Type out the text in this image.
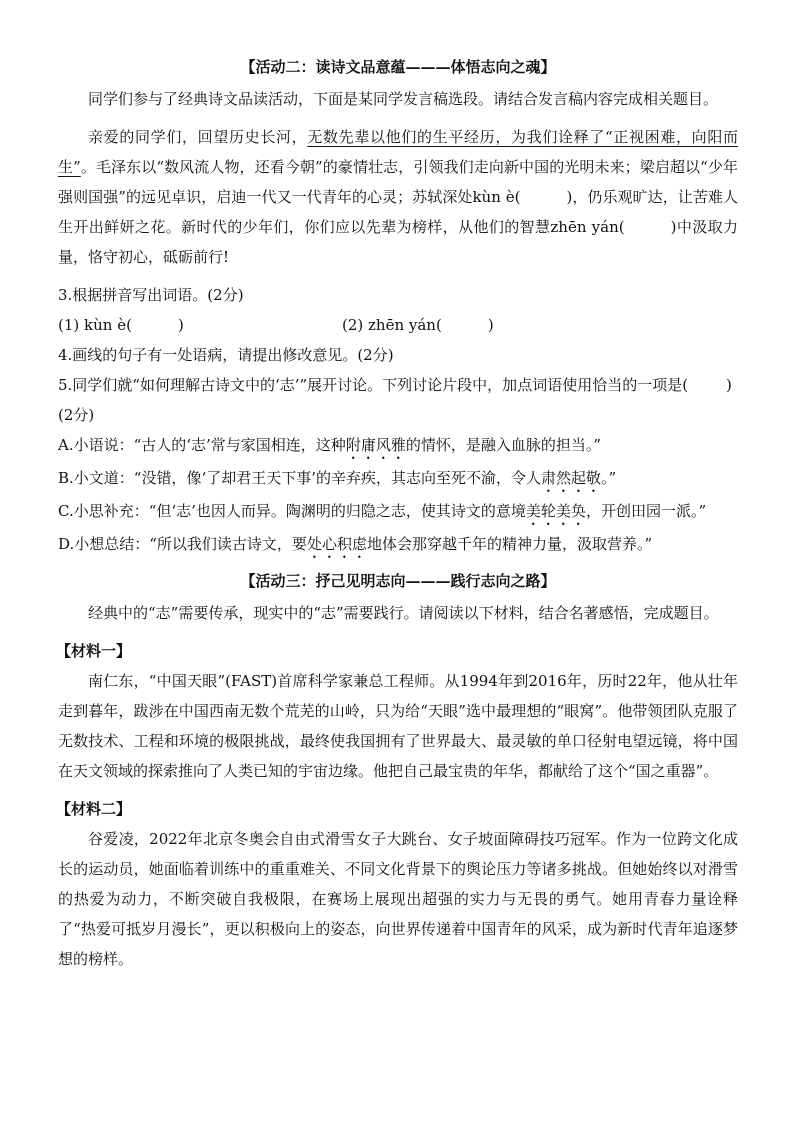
【活动二：读诗文品意蕴———体悟志向之魂】

同学们参与了经典诗文品读活动，下面是某同学发言稿选段。请结合发言稿内容完成相关题目。

亲爱的同学们，回望历史长河，无数先辈以他们的生平经历，为我们诠释了“正视困难，向阳而生”。毛泽东以“数风流人物，还看今朝”的豪情壮志，引领我们走向新中国的光明未来；梁启超以“少年强则国强”的远见卓识，启迪一代又一代青年的心灵；苏轼深处kùn è(	)，仍乐观旷达，让苦难人生开出鲜妍之花。新时代的少年们，你们应以先辈为榜样，从他们的智慧zhēn yán(	)中汲取力量，恪守初心，砥砺前行!

3.根据拼音写出词语。(2分)

(1) kùn è(	)	(2) zhēn yán(	)

4.画线的句子有一处语病，请提出修改意见。(2分)

5.同学们就“如何理解古诗文中的‘志’”展开讨论。下列讨论片段中，加点词语使用恰当的一项是(	)(2分)

A.小语说：“古人的‘志’常与家国相连，这种附庸风雅的情怀，是融入血脉的担当。”

B.小文道：“没错，像‘了却君王天下事’的辛弃疾，其志向至死不渝，令人肃然起敬。”

C.小思补充：“但‘志’也因人而异。陶渊明的归隐之志，使其诗文的意境美轮美奂，开创田园一派。”

D.小想总结：“所以我们读古诗文，要处心积虑地体会那穿越千年的精神力量，汲取营养。”

【活动三：抒己见明志向———践行志向之路】

经典中的“志”需要传承，现实中的“志”需要践行。请阅读以下材料，结合名著感悟，完成题目。

【材料一】

南仁东，“中国天眼”(FAST)首席科学家兼总工程师。从1994年到2016年，历时22年，他从壮年走到暮年，跋涉在中国西南无数个荒芜的山岭，只为给“天眼”选中最理想的“眼窝”。他带领团队克服了无数技术、工程和环境的极限挑战，最终使我国拥有了世界最大、最灵敏的单口径射电望远镜，将中国在天文领域的探索推向了人类已知的宇宙边缘。他把自己最宝贵的年华，都献给了这个“国之重器”。

【材料二】

谷爱凌，2022年北京冬奥会自由式滑雪女子大跳台、女子坡面障碍技巧冠军。作为一位跨文化成长的运动员，她面临着训练中的重重难关、不同文化背景下的舆论压力等诸多挑战。但她始终以对滑雪的热爱为动力，不断突破自我极限，在赛场上展现出超强的实力与无畏的勇气。她用青春力量诠释了“热爱可抵岁月漫长”，更以积极向上的姿态，向世界传递着中国青年的风采，成为新时代青年追逐梦想的榜样。
